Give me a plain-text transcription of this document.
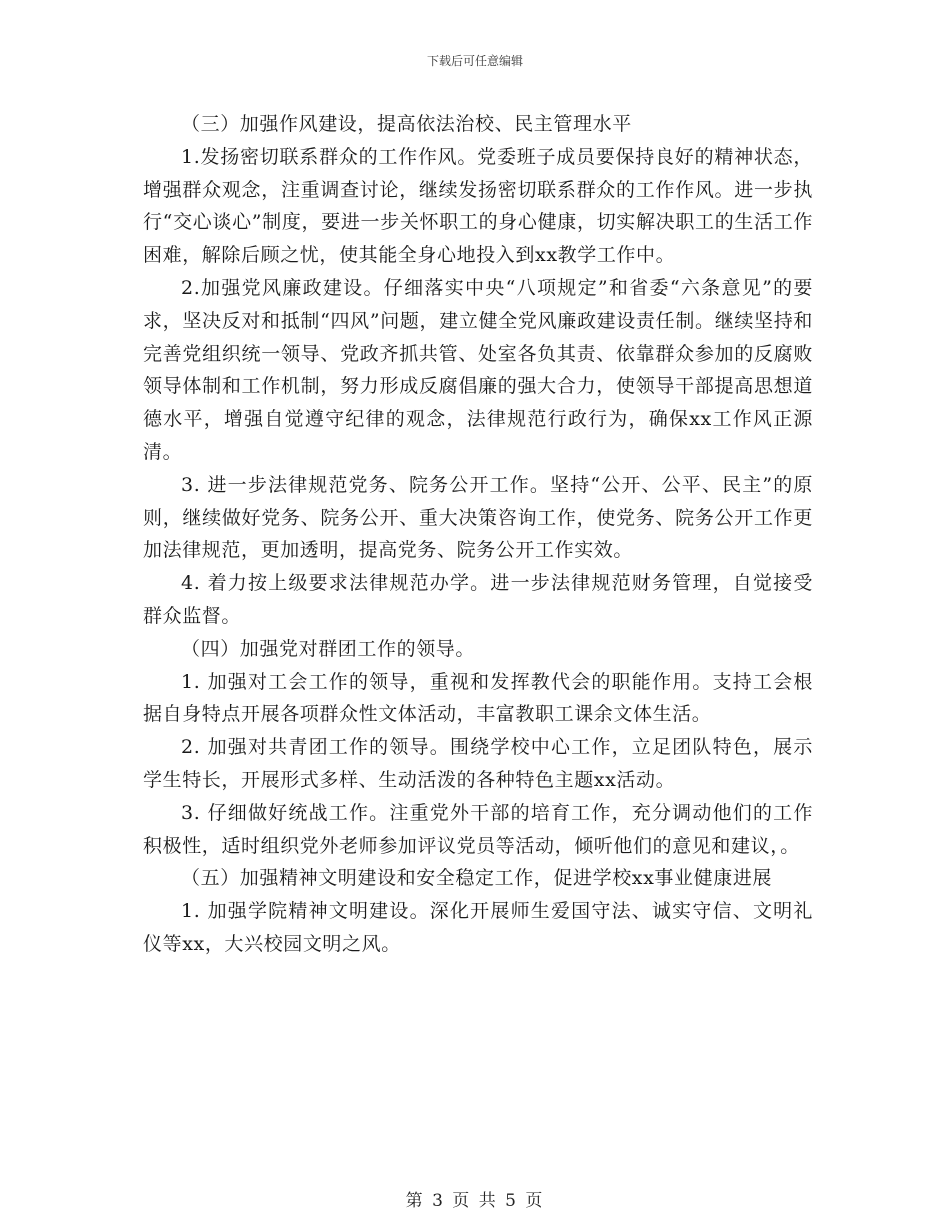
下载后可任意编辑

（三）加强作风建设，提高依法治校、民主管理水平

1.发扬密切联系群众的工作作风。党委班子成员要保持良好的精神状态，增强群众观念，注重调查讨论，继续发扬密切联系群众的工作作风。进一步执行“交心谈心”制度，要进一步关怀职工的身心健康，切实解决职工的生活工作困难，解除后顾之忧，使其能全身心地投入到xx教学工作中。

2.加强党风廉政建设。仔细落实中央“八项规定”和省委“六条意见”的要求，坚决反对和抵制“四风”问题，建立健全党风廉政建设责任制。继续坚持和完善党组织统一领导、党政齐抓共管、处室各负其责、依靠群众参加的反腐败领导体制和工作机制，努力形成反腐倡廉的强大合力，使领导干部提高思想道德水平，增强自觉遵守纪律的观念，法律规范行政行为，确保xx工作风正源清。

3. 进一步法律规范党务、院务公开工作。坚持“公开、公平、民主”的原则，继续做好党务、院务公开、重大决策咨询工作，使党务、院务公开工作更加法律规范，更加透明，提高党务、院务公开工作实效。

4. 着力按上级要求法律规范办学。进一步法律规范财务管理，自觉接受群众监督。

（四）加强党对群团工作的领导。

1. 加强对工会工作的领导，重视和发挥教代会的职能作用。支持工会根据自身特点开展各项群众性文体活动，丰富教职工课余文体生活。

2. 加强对共青团工作的领导。围绕学校中心工作，立足团队特色，展示学生特长，开展形式多样、生动活泼的各种特色主题xx活动。

3. 仔细做好统战工作。注重党外干部的培育工作，充分调动他们的工作积极性，适时组织党外老师参加评议党员等活动，倾听他们的意见和建议，。

（五）加强精神文明建设和安全稳定工作，促进学校xx事业健康进展

1. 加强学院精神文明建设。深化开展师生爱国守法、诚实守信、文明礼仪等xx，大兴校园文明之风。

第 3 页 共 5 页
